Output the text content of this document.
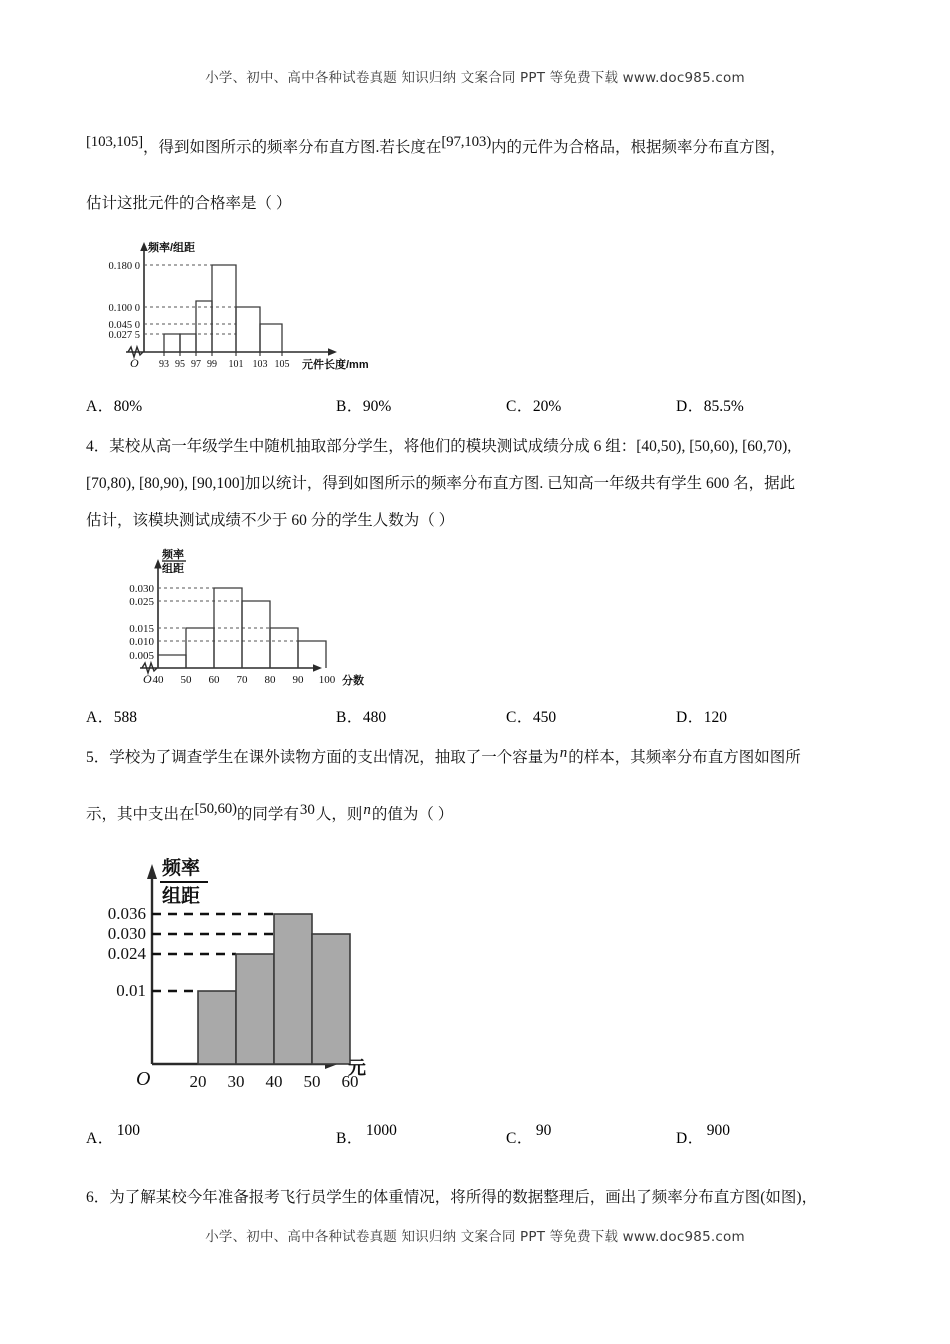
小学、初中、高中各种试卷真题 知识归纳 文案合同 PPT 等免费下载 www.doc985.com
[103,105]，得到如图所示的频率分布直方图.若长度在[97,103)内的元件为合格品，根据频率分布直方图，
估计这批元件的合格率是（ ）
0.180 0
0.100 0
0.045 0
0.027 5
93 95 97 99 101 103 105
频率/组距
元件长度/mm
O
A．80%	B．90%	C．20%	D．85.5%
4．某校从高一年级学生中随机抽取部分学生，将他们的模块测试成绩分成 6 组：[40,50), [50,60), [60,70),
[70,80), [80,90), [90,100]加以统计，得到如图所示的频率分布直方图. 已知高一年级共有学生 600 名，据此
估计，该模块测试成绩不少于 60 分的学生人数为（ ）
0.030
0.025
0.015
0.010
0.005
40 50 60 70 80 90 100
频率
组距
分数
O
A．588	B．480	C．450	D．120
5．学校为了调查学生在课外读物方面的支出情况，抽取了一个容量为n的样本，其频率分布直方图如图所
示，其中支出在[50,60)的同学有30人，则n的值为（ ）
0.036
0.030
0.024
0.01
20 30 40 50 60
频率
组距
元
O
A． 100	B． 1000	C． 90	D． 900
6．为了解某校今年准备报考飞行员学生的体重情况，将所得的数据整理后，画出了频率分布直方图(如图)，
小学、初中、高中各种试卷真题 知识归纳 文案合同 PPT 等免费下载 www.doc985.com
